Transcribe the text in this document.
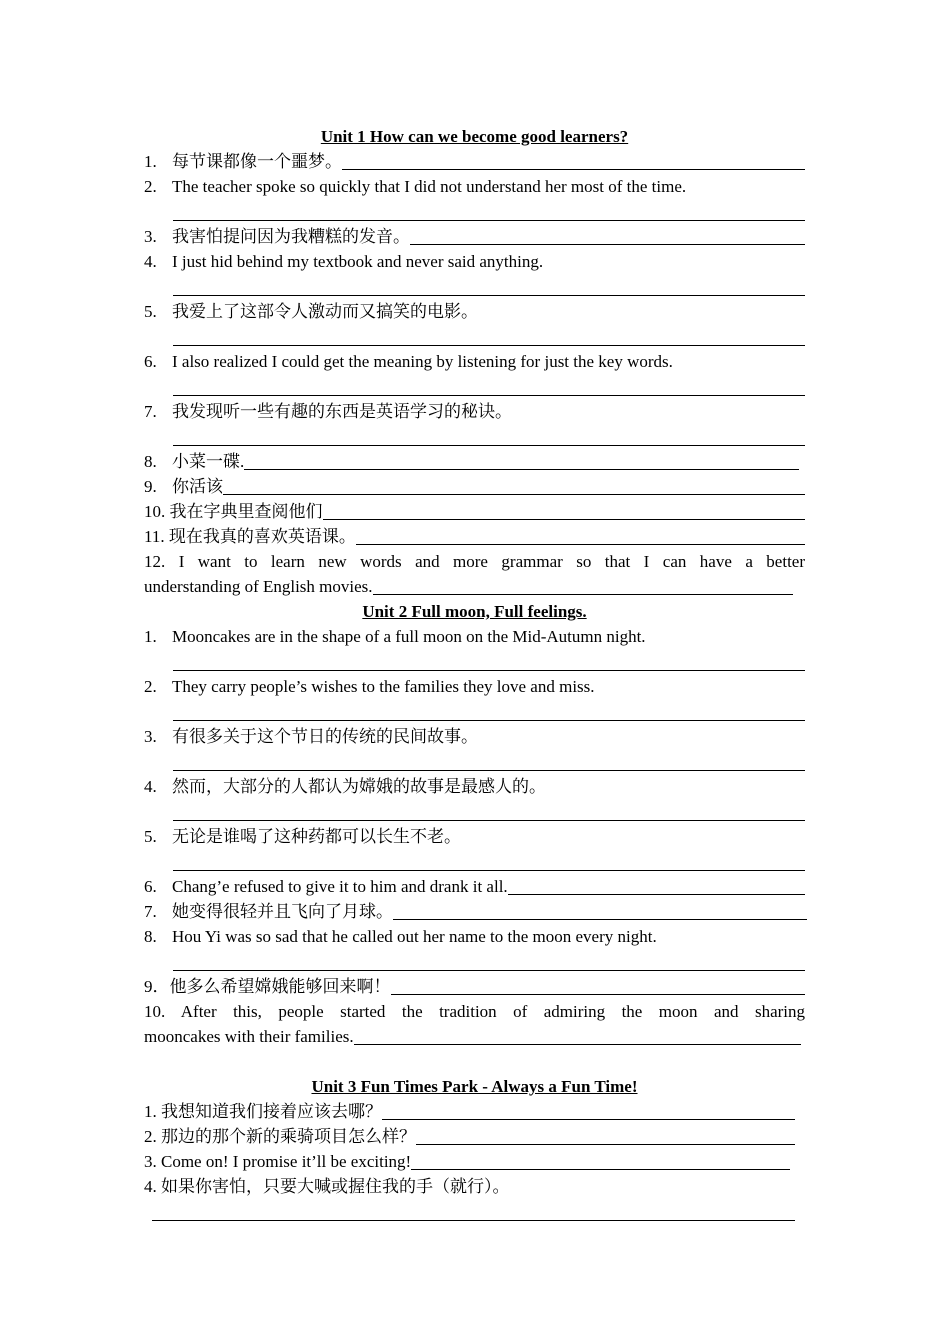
Unit 1 How can we become good learners?
1. 每节课都像一个噩梦。
2. The teacher spoke so quickly that I did not understand her most of the time.
3. 我害怕提问因为我糟糕的发音。
4. I just hid behind my textbook and never said anything.
5. 我爱上了这部令人激动而又搞笑的电影。
6. I also realized I could get the meaning by listening for just the key words.
7. 我发现听一些有趣的东西是英语学习的秘诀。
8. 小菜一碟.
9. 你活该
10. 我在字典里查阅他们
11. 现在我真的喜欢英语课。
12. I want to learn new words and more grammar so that I can have a better
understanding of English movies.
Unit 2 Full moon, Full feelings.
1. Mooncakes are in the shape of a full moon on the Mid-Autumn night.
2. They carry people’s wishes to the families they love and miss.
3. 有很多关于这个节日的传统的民间故事。
4. 然而，大部分的人都认为嫦娥的故事是最感人的。
5. 无论是谁喝了这种药都可以长生不老。
6. Chang’e refused to give it to him and drank it all.
7. 她变得很轻并且飞向了月球。
8. Hou Yi was so sad that he called out her name to the moon every night.
9．他多么希望嫦娥能够回来啊！
10. After this, people started the tradition of admiring the moon and sharing
mooncakes with their families.
Unit 3 Fun Times Park - Always a Fun Time!
1. 我想知道我们接着应该去哪？
2. 那边的那个新的乘骑项目怎么样？
3. Come on! I promise it’ll be exciting!
4. 如果你害怕，只要大喊或握住我的手（就行）。
